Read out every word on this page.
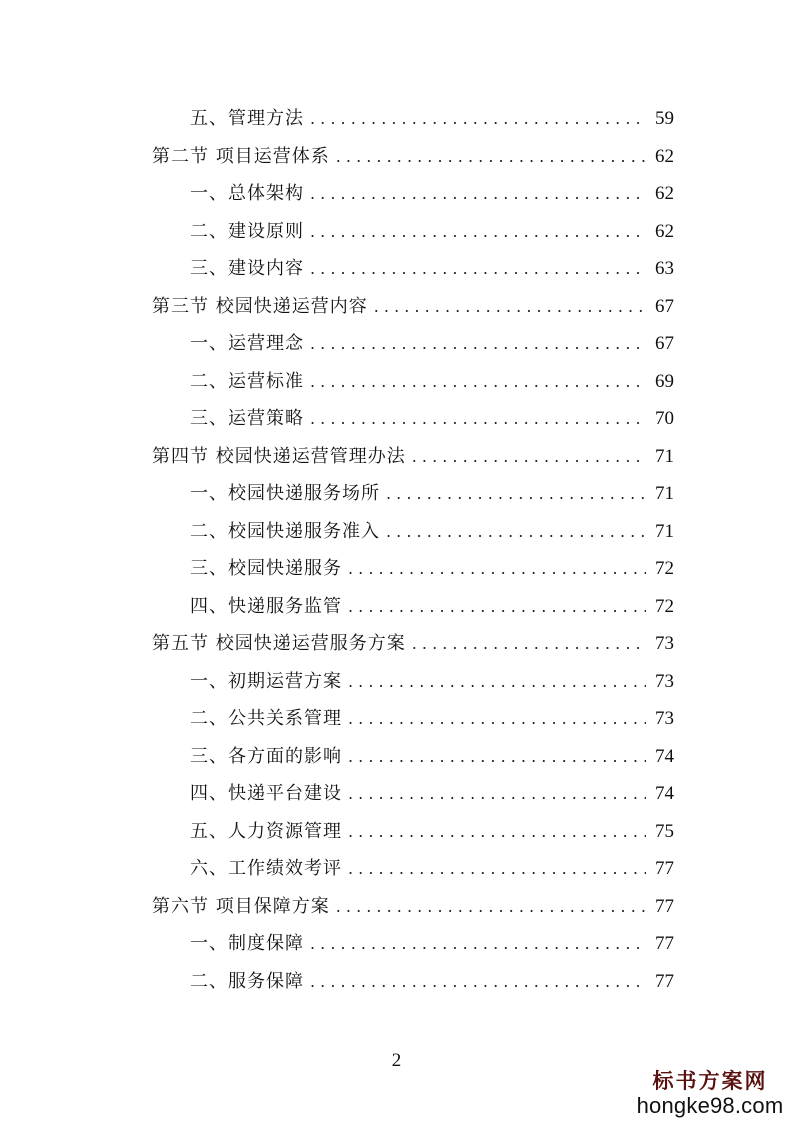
五、管理方法 . . .	59
第二节 项目运营体系 . . .	62
一、总体架构 . . .	62
二、建设原则 . . .	62
三、建设内容 . . .	63
第三节 校园快递运营内容 . . .	67
一、运营理念 . . .	67
二、运营标准 . . .	69
三、运营策略 . . .	70
第四节 校园快递运营管理办法 . . .	71
一、校园快递服务场所 . . .	71
二、校园快递服务准入 . . .	71
三、校园快递服务 . . .	72
四、快递服务监管 . . .	72
第五节 校园快递运营服务方案 . . .	73
一、初期运营方案 . . .	73
二、公共关系管理 . . .	73
三、各方面的影响 . . .	74
四、快递平台建设 . . .	74
五、人力资源管理 . . .	75
六、工作绩效考评 . . .	77
第六节 项目保障方案 . . .	77
一、制度保障 . . .	77
二、服务保障 . . .	77
2
标书方案网
hongke98.com
